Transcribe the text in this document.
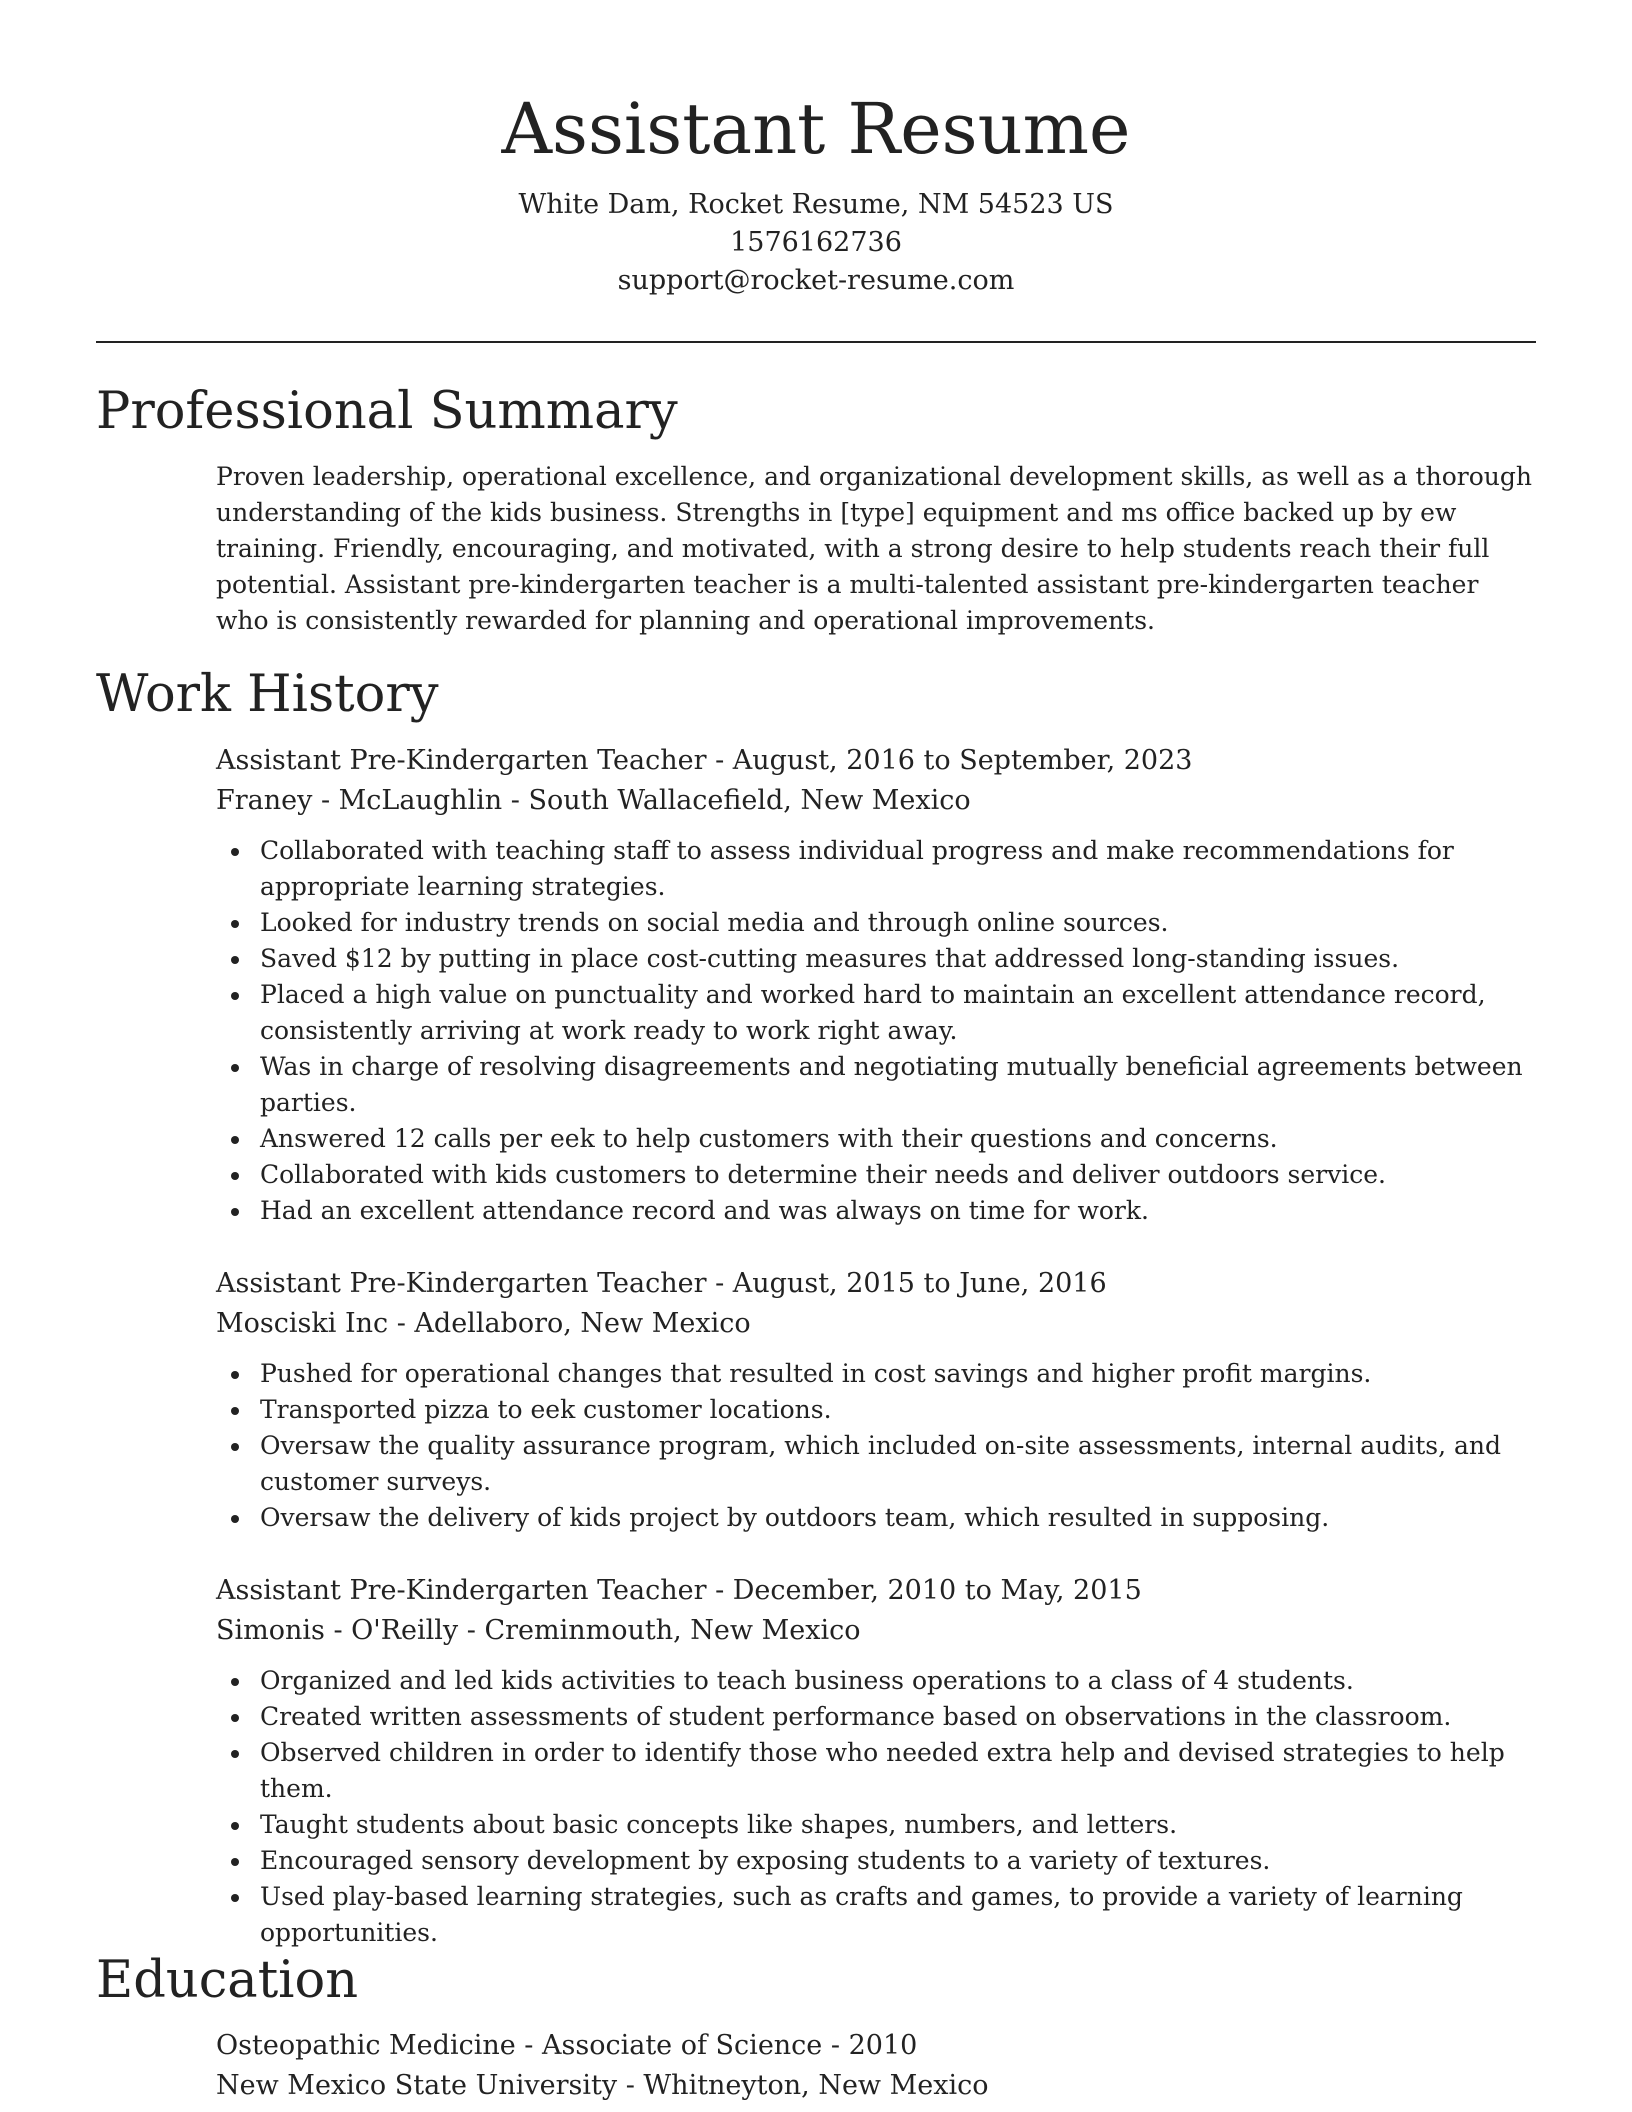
Assistant Resume

White Dam, Rocket Resume, NM 54523 US

1576162736

support@rocket-resume.com

Professional Summary

Proven leadership, operational excellence, and organizational development skills, as well as a thorough understanding of the kids business. Strengths in [type] equipment and ms office backed up by ew training. Friendly, encouraging, and motivated, with a strong desire to help students reach their full potential. Assistant pre-kindergarten teacher is a multi-talented assistant pre-kindergarten teacher who is consistently rewarded for planning and operational improvements.

Work History

Assistant Pre-Kindergarten Teacher - August, 2016 to September, 2023

Franey - McLaughlin - South Wallacefield, New Mexico

Collaborated with teaching staff to assess individual progress and make recommendations for appropriate learning strategies.
Looked for industry trends on social media and through online sources.
Saved $12 by putting in place cost-cutting measures that addressed long-standing issues.
Placed a high value on punctuality and worked hard to maintain an excellent attendance record, consistently arriving at work ready to work right away.
Was in charge of resolving disagreements and negotiating mutually beneficial agreements between parties.
Answered 12 calls per eek to help customers with their questions and concerns.
Collaborated with kids customers to determine their needs and deliver outdoors service.
Had an excellent attendance record and was always on time for work.

Assistant Pre-Kindergarten Teacher - August, 2015 to June, 2016

Mosciski Inc - Adellaboro, New Mexico

Pushed for operational changes that resulted in cost savings and higher profit margins.
Transported pizza to eek customer locations.
Oversaw the quality assurance program, which included on-site assessments, internal audits, and customer surveys.
Oversaw the delivery of kids project by outdoors team, which resulted in supposing.

Assistant Pre-Kindergarten Teacher - December, 2010 to May, 2015

Simonis - O'Reilly - Creminmouth, New Mexico

Organized and led kids activities to teach business operations to a class of 4 students.
Created written assessments of student performance based on observations in the classroom.
Observed children in order to identify those who needed extra help and devised strategies to help them.
Taught students about basic concepts like shapes, numbers, and letters.
Encouraged sensory development by exposing students to a variety of textures.
Used play-based learning strategies, such as crafts and games, to provide a variety of learning opportunities.
Education

Osteopathic Medicine - Associate of Science - 2010

New Mexico State University - Whitneyton, New Mexico
